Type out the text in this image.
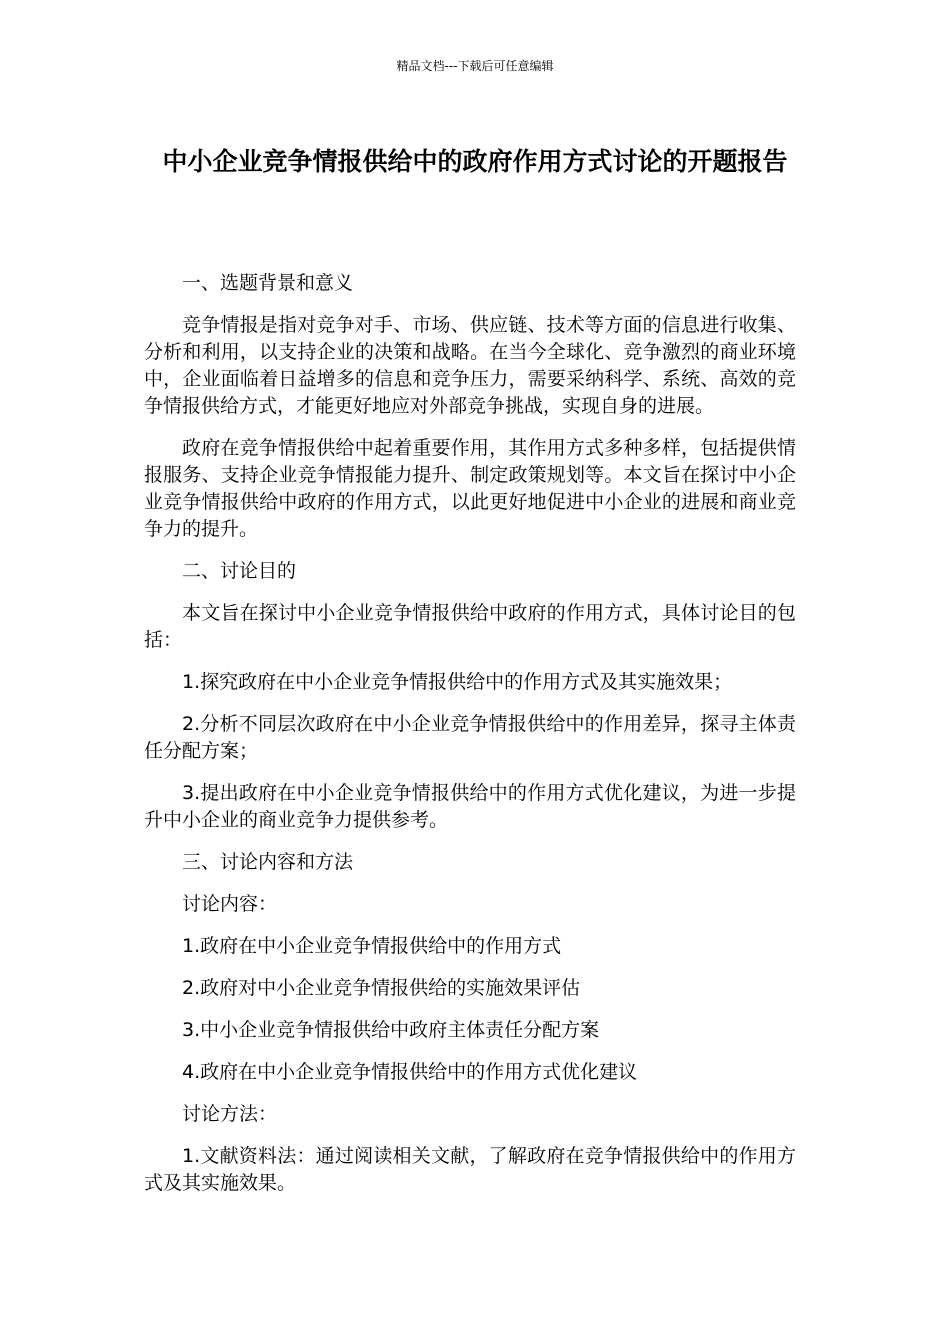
精品文档---下载后可任意编辑
中小企业竞争情报供给中的政府作用方式讨论的开题报告

一、选题背景和意义

竞争情报是指对竞争对手、市场、供应链、技术等方面的信息进行收集、分析和利用，以支持企业的决策和战略。在当今全球化、竞争激烈的商业环境中，企业面临着日益增多的信息和竞争压力，需要采纳科学、系统、高效的竞争情报供给方式，才能更好地应对外部竞争挑战，实现自身的进展。

政府在竞争情报供给中起着重要作用，其作用方式多种多样，包括提供情报服务、支持企业竞争情报能力提升、制定政策规划等。本文旨在探讨中小企业竞争情报供给中政府的作用方式，以此更好地促进中小企业的进展和商业竞争力的提升。

二、讨论目的

本文旨在探讨中小企业竞争情报供给中政府的作用方式，具体讨论目的包括：

1.探究政府在中小企业竞争情报供给中的作用方式及其实施效果；

2.分析不同层次政府在中小企业竞争情报供给中的作用差异，探寻主体责任分配方案；

3.提出政府在中小企业竞争情报供给中的作用方式优化建议，为进一步提升中小企业的商业竞争力提供参考。

三、讨论内容和方法

讨论内容：

1.政府在中小企业竞争情报供给中的作用方式

2.政府对中小企业竞争情报供给的实施效果评估

3.中小企业竞争情报供给中政府主体责任分配方案

4.政府在中小企业竞争情报供给中的作用方式优化建议

讨论方法：

1.文献资料法：通过阅读相关文献，了解政府在竞争情报供给中的作用方式及其实施效果。
